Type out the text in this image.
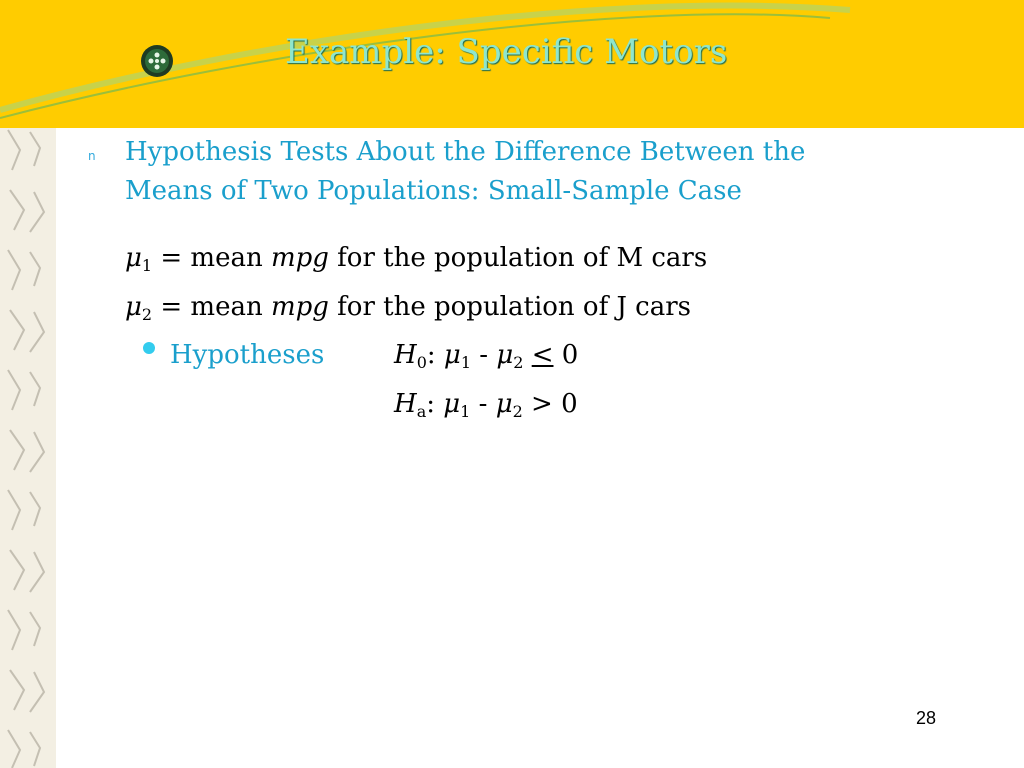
Example: Specific Motors
n Hypothesis Tests About the Difference Between the
Means of Two Populations: Small-Sample Case
$\mu_1$ = mean mpg for the population of M cars
$\mu_2$ = mean mpg for the population of J cars
Hypotheses	$H_0$: $\mu_1 - \mu_2 \le 0$
$H_a$: $\mu_1 - \mu_2 > 0$
28
